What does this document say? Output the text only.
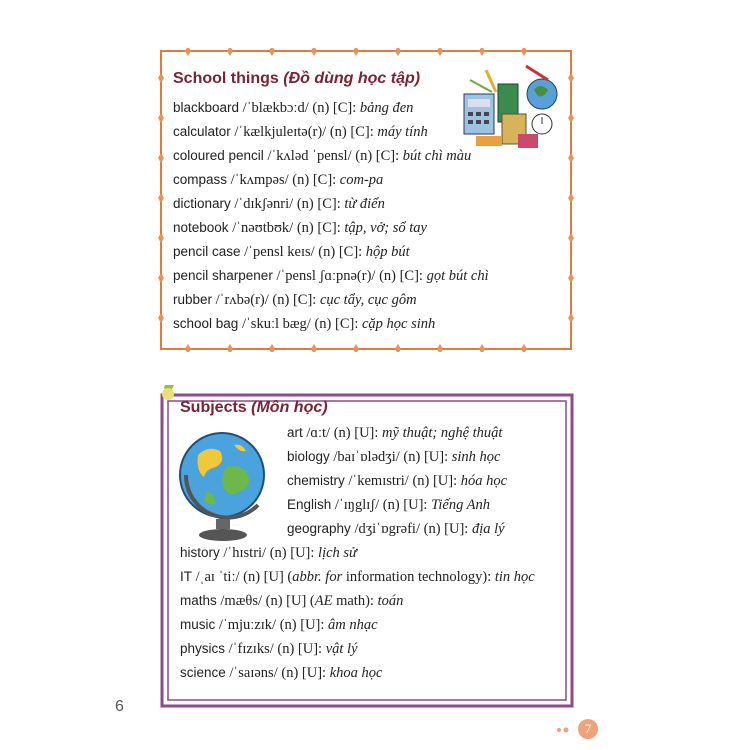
School things (Đồ dùng học tập)
blackboard /ˈblækbɔːd/ (n) [C]: bảng đen
calculator /ˈkælkjuleɪtə(r)/ (n) [C]: máy tính
coloured pencil /ˈkʌləd ˈpensl/ (n) [C]: bút chì màu
compass /ˈkʌmpəs/ (n) [C]: com-pa
dictionary /ˈdɪkʃənri/ (n) [C]: từ điển
notebook /ˈnəʊtbʊk/ (n) [C]: tập, vở; sổ tay
pencil case /ˈpensl keɪs/ (n) [C]: hộp bút
pencil sharpener /ˈpensl ʃɑːpnə(r)/ (n) [C]: gọt bút chì
rubber /ˈrʌbə(r)/ (n) [C]: cục tẩy, cục gôm
school bag /ˈskuːl bæg/ (n) [C]: cặp học sinh
Subjects (Môn học)
art /ɑːt/ (n) [U]: mỹ thuật; nghệ thuật
biology /baɪˈɒlədʒi/ (n) [U]: sinh học
chemistry /ˈkemɪstri/ (n) [U]: hóa học
English /ˈɪŋglɪʃ/ (n) [U]: Tiếng Anh
geography /dʒiˈɒgrəfi/ (n) [U]: địa lý
history /ˈhɪstri/ (n) [U]: lịch sử
IT /ˌaɪ ˈtiː/ (n) [U] (abbr. for information technology): tin học
maths /mæθs/ (n) [U] (AE math): toán
music /ˈmjuːzɪk/ (n) [U]: âm nhạc
physics /ˈfɪzɪks/ (n) [U]: vật lý
science /ˈsaɪəns/ (n) [U]: khoa học
6
7
